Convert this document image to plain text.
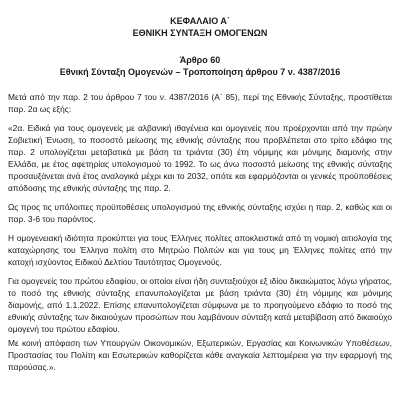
ΚΕΦΑΛΑΙΟ Α΄
ΕΘΝΙΚΗ ΣΥΝΤΑΞΗ ΟΜΟΓΕΝΩΝ
Άρθρο 60
Εθνική Σύνταξη Ομογενών – Τροποποίηση άρθρου 7 ν. 4387/2016

Μετά από την παρ. 2 του άρθρου 7 του ν. 4387/2016 (Α΄ 85), περί της Εθνικής Σύνταξης, προστίθεται παρ. 2α ως εξής:

«2α. Ειδικά για τους ομογενείς με αλβανική ιθαγένεια και ομογενείς που προέρχονται από την πρώην Σοβιετική Ένωση, το ποσοστό μείωσης της εθνικής σύνταξης που προβλέπεται στο τρίτο εδάφιο της παρ. 2 υπολογίζεται μεταβατικά με βάση τα τριάντα (30) έτη νόμιμης και μόνιμης διαμονής στην Ελλάδα, με έτος αφετηρίας υπολογισμού το 1992. Το ως άνω ποσοστό μείωσης της εθνικής σύνταξης προσαυξάνεται ανά έτος αναλογικά μέχρι και το 2032, οπότε και εφαρμόζονται οι γενικές προϋποθέσεις απόδοσης της εθνικής σύνταξης της παρ. 2.

Ως προς τις υπόλοιπες προϋποθέσεις υπολογισμού της εθνικής σύνταξης ισχύει η παρ. 2, καθώς και οι παρ. 3-6 του παρόντος.

Η ομογενειακή ιδιότητα προκύπτει για τους Έλληνες πολίτες αποκλειστικά από τη νομική αιτιολογία της καταχώρησης του Έλληνα πολίτη στο Μητρώο Πολιτών και για τους μη Έλληνες πολίτες από την κατοχή ισχύοντος Ειδικού Δελτίου Ταυτότητας Ομογενούς.

Για ομογενείς του πρώτου εδαφίου, οι οποίοι είναι ήδη συνταξιούχοι εξ ιδίου δικαιώματος λόγω γήρατος, το ποσό της εθνικής σύνταξης επανυπολογίζεται με βάση τριάντα (30) έτη νόμιμης και μόνιμης διαμονής, από 1.1.2022. Επίσης επανυπολογίζεται σύμφωνα με το προηγούμενο εδάφιο το ποσό της εθνικής σύνταξης των δικαιούχων προσώπων που λαμβάνουν σύνταξη κατά μεταβίβαση από δικαιούχο ομογενή του πρώτου εδαφίου.

Με κοινή απόφαση των Υπουργών Οικονομικών, Εξωτερικών, Εργασίας και Κοινωνικών Υποθέσεων, Προστασίας του Πολίτη και Εσωτερικών καθορίζεται κάθε αναγκαία λεπτομέρεια για την εφαρμογή της παρούσας.».
